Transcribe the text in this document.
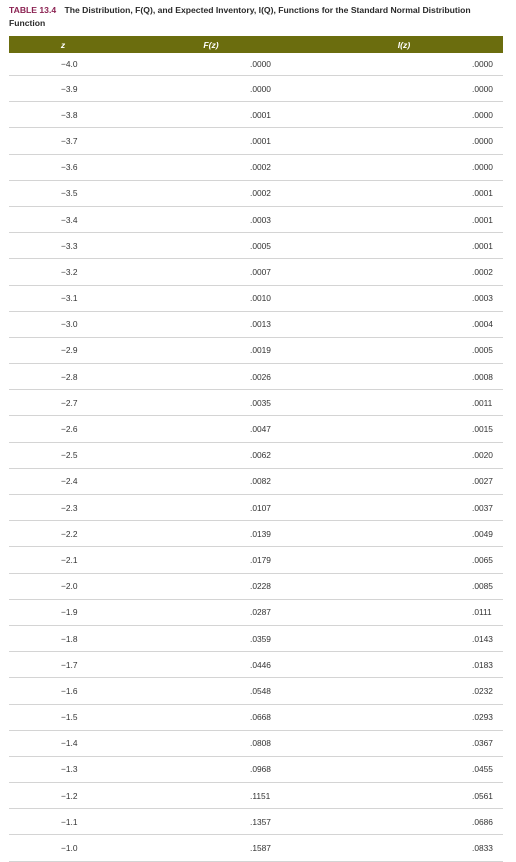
TABLE 13.4 The Distribution, F(Q), and Expected Inventory, I(Q), Functions for the Standard Normal Distribution Function
z	F(z)	I(z)
−4.0	.0000	.0000
−3.9	.0000	.0000
−3.8	.0001	.0000
−3.7	.0001	.0000
−3.6	.0002	.0000
−3.5	.0002	.0001
−3.4	.0003	.0001
−3.3	.0005	.0001
−3.2	.0007	.0002
−3.1	.0010	.0003
−3.0	.0013	.0004
−2.9	.0019	.0005
−2.8	.0026	.0008
−2.7	.0035	.0011
−2.6	.0047	.0015
−2.5	.0062	.0020
−2.4	.0082	.0027
−2.3	.0107	.0037
−2.2	.0139	.0049
−2.1	.0179	.0065
−2.0	.0228	.0085
−1.9	.0287	.0111
−1.8	.0359	.0143
−1.7	.0446	.0183
−1.6	.0548	.0232
−1.5	.0668	.0293
−1.4	.0808	.0367
−1.3	.0968	.0455
−1.2	.1151	.0561
−1.1	.1357	.0686
−1.0	.1587	.0833
